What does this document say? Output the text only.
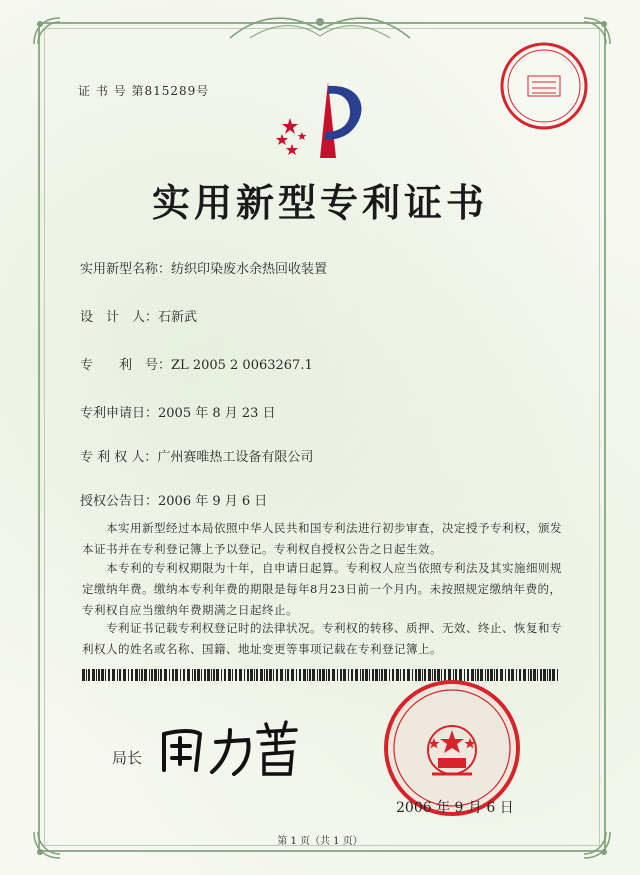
证 书 号 第815289号
实用新型专利证书
实用新型名称：纺织印染废水余热回收装置
设　计　人：石新武
专　　利　号：ZL 2005 2 0063267.1
专利申请日：2005 年 8 月 23 日
专 利 权 人：广州赛唯热工设备有限公司
授权公告日：2006 年 9 月 6 日
本实用新型经过本局依照中华人民共和国专利法进行初步审查，决定授予专利权，颁发本证书并在专利登记簿上予以登记。专利权自授权公告之日起生效。
本专利的专利权期限为十年，自申请日起算。专利权人应当依照专利法及其实施细则规定缴纳年费。缴纳本专利年费的期限是每年8月23日前一个月内。未按照规定缴纳年费的，专利权自应当缴纳年费期满之日起终止。
专利证书记载专利权登记时的法律状况。专利权的转移、质押、无效、终止、恢复和专利权人的姓名或名称、国籍、地址变更等事项记载在专利登记簿上。
局长
2006 年 9 月 6 日
第 1 页（共 1 页）
